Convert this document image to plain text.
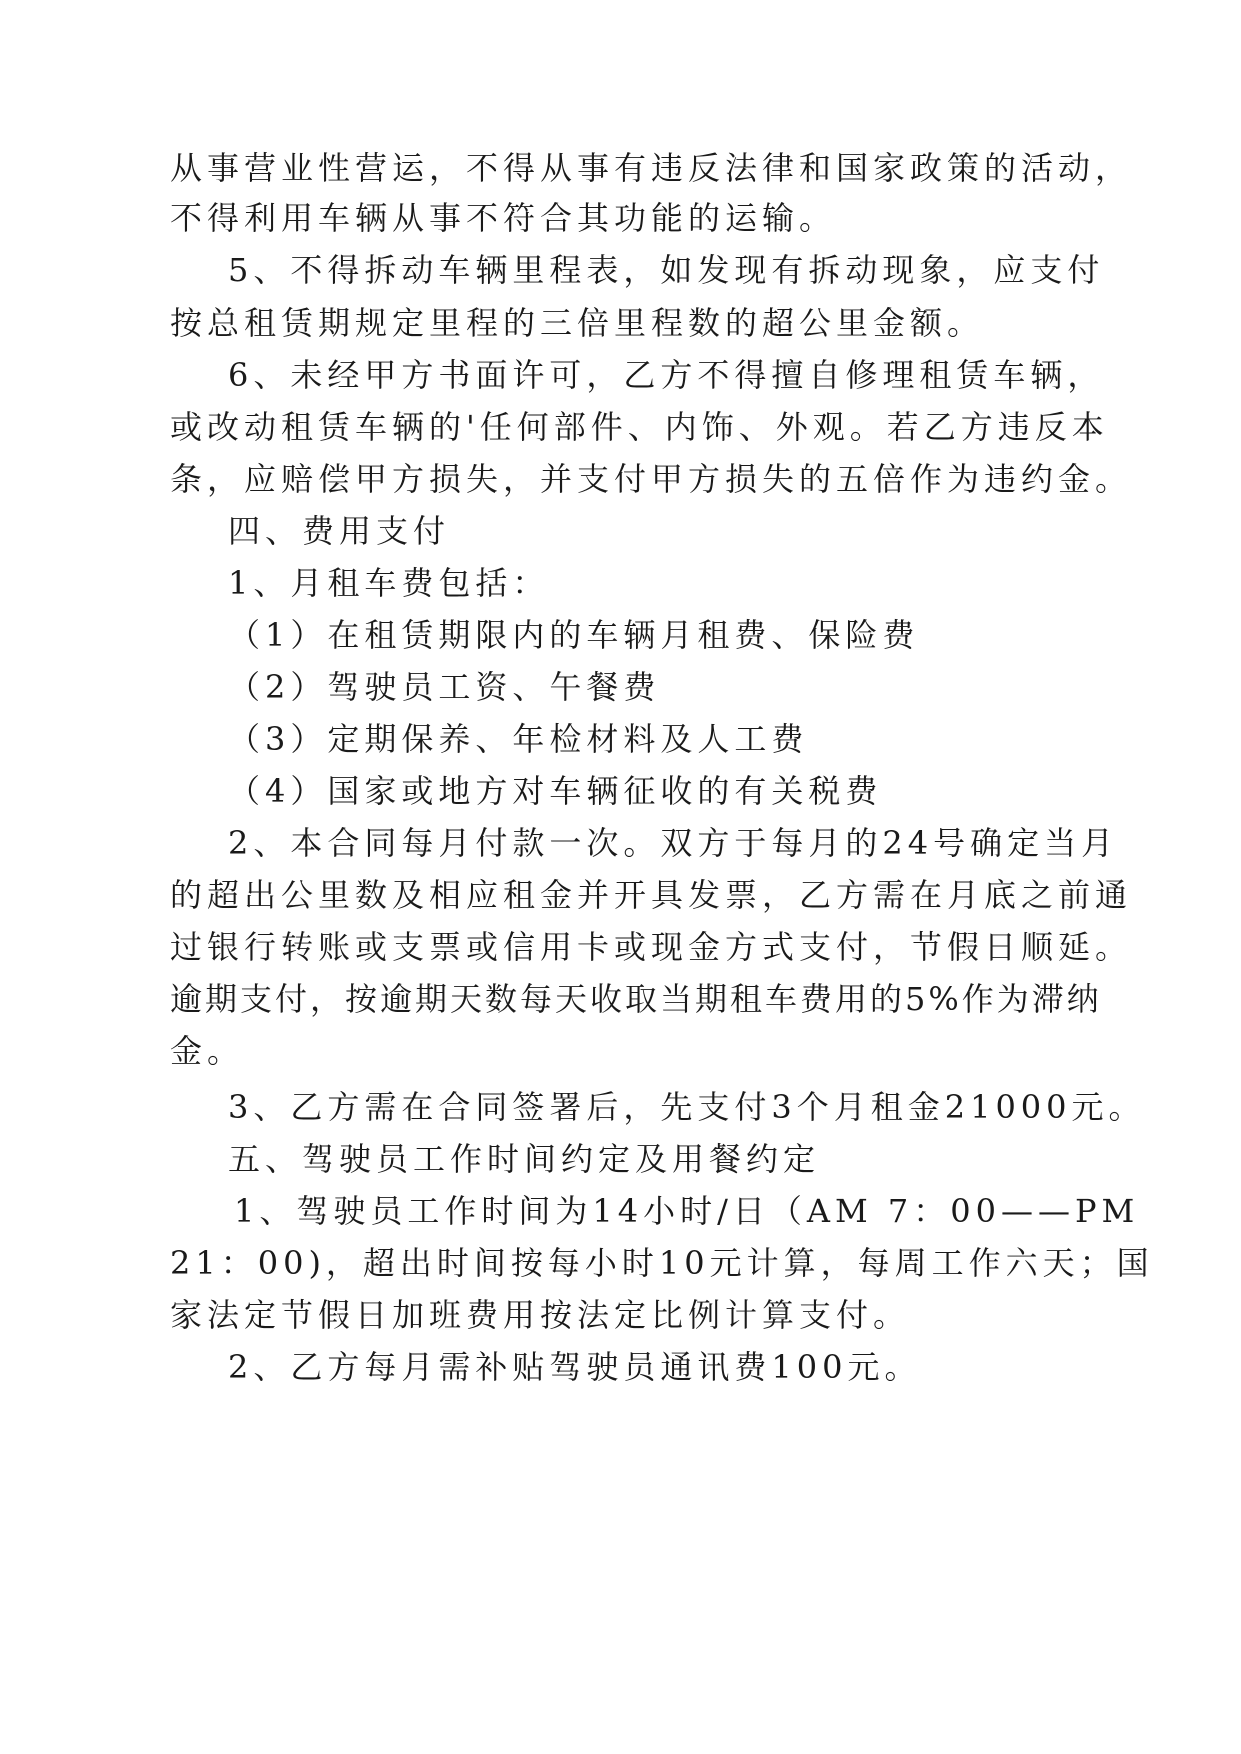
从事营业性营运，不得从事有违反法律和国家政策的活动，
不得利用车辆从事不符合其功能的运输。
5、不得拆动车辆里程表，如发现有拆动现象，应支付
按总租赁期规定里程的三倍里程数的超公里金额。
6、未经甲方书面许可，乙方不得擅自修理租赁车辆，
或改动租赁车辆的'任何部件、内饰、外观。若乙方违反本
条，应赔偿甲方损失，并支付甲方损失的五倍作为违约金。
四、费用支付
1、月租车费包括：
（1）在租赁期限内的车辆月租费、保险费
（2）驾驶员工资、午餐费
（3）定期保养、年检材料及人工费
（4）国家或地方对车辆征收的有关税费
2、本合同每月付款一次。双方于每月的24号确定当月
的超出公里数及相应租金并开具发票，乙方需在月底之前通
过银行转账或支票或信用卡或现金方式支付，节假日顺延。
逾期支付，按逾期天数每天收取当期租车费用的5%作为滞纳
金。
3、乙方需在合同签署后，先支付3个月租金21000元。
五、驾驶员工作时间约定及用餐约定
1、驾驶员工作时间为14小时/日（AM 7：00——PM
21：00)，超出时间按每小时10元计算，每周工作六天；国
家法定节假日加班费用按法定比例计算支付。
2、乙方每月需补贴驾驶员通讯费100元。
